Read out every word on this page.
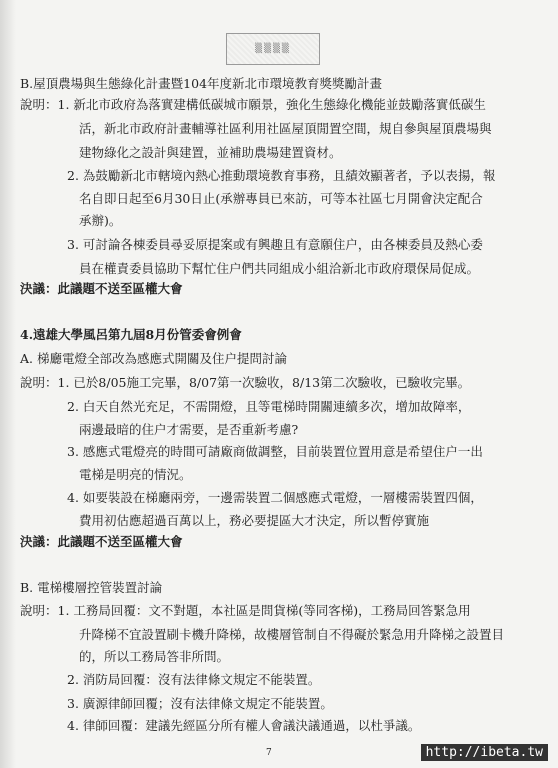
▒▒▒▒
B.屋頂農場與生態綠化計畫暨104年度新北市環境教育獎獎勵計畫
說明：1. 新北市政府為落實建構低碳城市願景，強化生態綠化機能並鼓勵落實低碳生
活，新北市政府計畫輔導社區利用社區屋頂閒置空間，規自參與屋頂農場與
建物綠化之設計與建置，並補助農場建置資材。
2. 為鼓勵新北市轄境內熱心推動環境教育事務，且績效顯著者，予以表揚，報
名自即日起至6月30日止(承辦專員已來訪，可等本社區七月開會決定配合
承辦)。
3. 可討論各棟委員尋妥原提案或有興趣且有意願住户，由各棟委員及熱心委
員在權責委員協助下幫忙住户們共同組成小組洽新北市政府環保局促成。
決議：此議題不送至區權大會
4.遠雄大學風呂第九屆8月份管委會例會
A. 梯廳電燈全部改為感應式開關及住户提問討論
說明：1. 已於8/05施工完畢，8/07第一次驗收，8/13第二次驗收，已驗收完畢。
2. 白天自然光充足，不需開燈，且等電梯時開關連續多次，增加故障率，
兩邊最暗的住户才需要，是否重新考慮?
3. 感應式電燈亮的時間可請廠商做調整，目前裝置位置用意是希望住户一出
電梯是明亮的情況。
4. 如要裝設在梯廳兩旁，一邊需裝置二個感應式電燈，一層樓需裝置四個，
費用初估應超過百萬以上，務必要提區大才決定，所以暫停實施
決議：此議題不送至區權大會
B. 電梯樓層控管裝置討論
說明：1. 工務局回覆：文不對題，本社區是問貨梯(等同客梯)，工務局回答緊急用
升降梯不宜設置刷卡機升降梯，故樓層管制自不得礙於緊急用升降梯之設置目
的，所以工務局答非所問。
2. 消防局回覆：沒有法律條文規定不能裝置。
3. 廣源律師回覆；沒有法律條文規定不能裝置。
4. 律師回覆：建議先經區分所有權人會議決議通過，以杜爭議。
7	http://ibeta.tw
